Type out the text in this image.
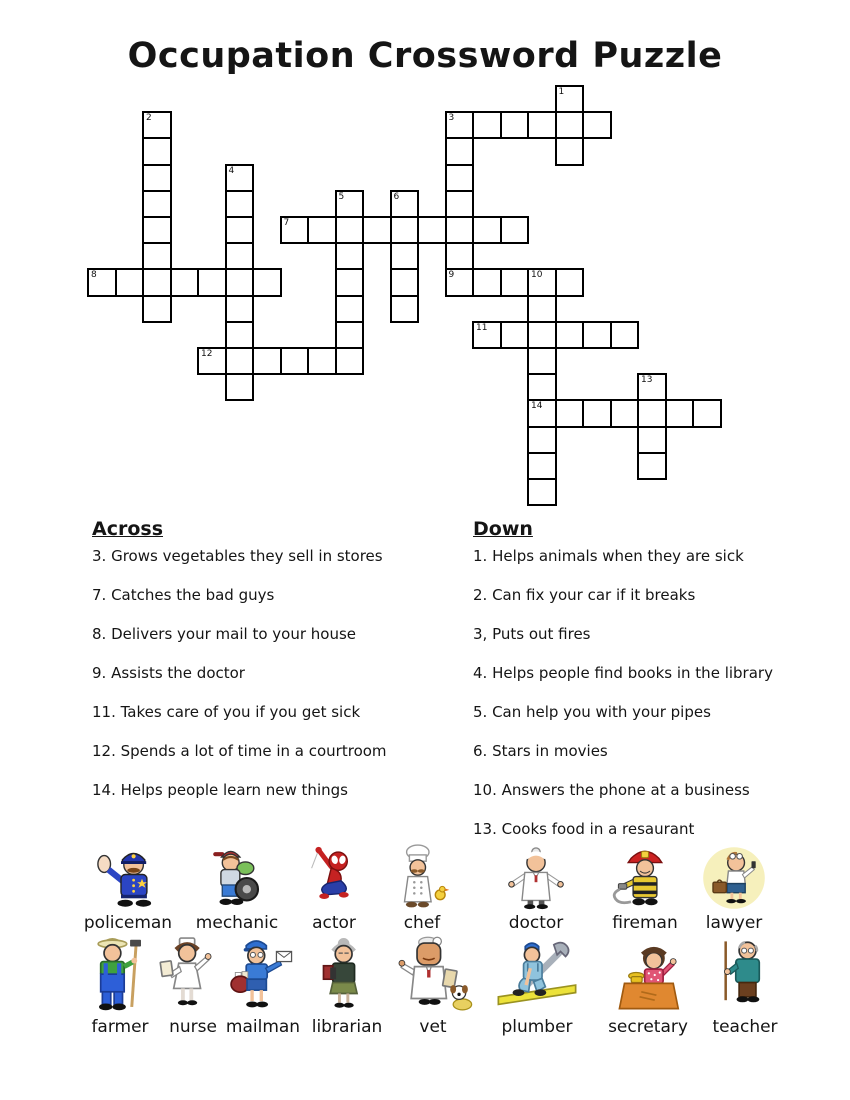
Occupation Crossword Puzzle
3
7
8	9	10
11
12
14
1
2
4
5	6
13
Across
3. Grows vegetables they sell in stores
7. Catches the bad guys
8. Delivers your mail to your house
9. Assists the doctor
11. Takes care of you if you get sick
12. Spends a lot of time in a courtroom
14. Helps people learn new things
Down
1. Helps animals when they are sick
2. Can fix your car if it breaks
3, Puts out fires
4. Helps people find books in the library
5. Can help you with your pipes
6. Stars in movies
10. Answers the phone at a business
13. Cooks food in a resaurant
policeman	mechanic	actor	chef	doctor	fireman	lawyer
farmer	nurse mailman librarian	vet	plumber	secretary	teacher
